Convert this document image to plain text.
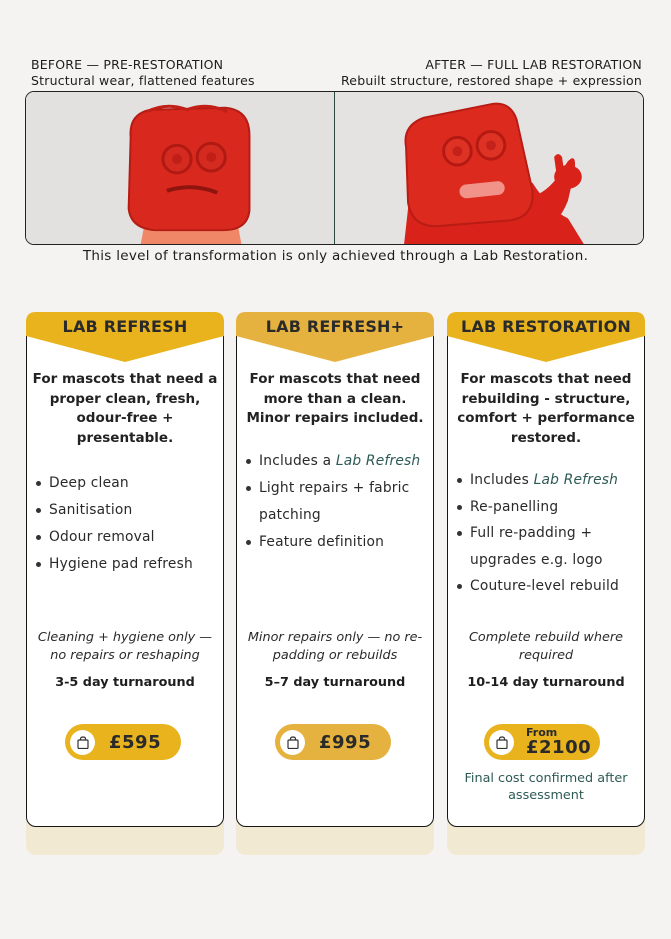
BEFORE — PRE-RESTORATION
Structural wear, flattened features
AFTER — FULL LAB RESTORATION
Rebuilt structure, restored shape + expression
This level of transformation is only achieved through a Lab Restoration.
LAB REFRESH
For mascots that need a proper clean, fresh, odour-free + presentable.
Deep clean
Sanitisation
Odour removal
Hygiene pad refresh
Cleaning + hygiene only — no repairs or reshaping
3-5 day turnaround
£595
LAB REFRESH+
For mascots that need more than a clean. Minor repairs included.
Includes a Lab Refresh
Light repairs + fabric patching
Feature definition
Minor repairs only — no re-padding or rebuilds
5–7 day turnaround
£995
LAB RESTORATION
For mascots that need rebuilding - structure, comfort + performance restored.
Includes Lab Refresh
Re-panelling
Full re-padding + upgrades e.g. logo
Couture-level rebuild
Complete rebuild where required
10-14 day turnaround
From
£2100
Final cost confirmed after assessment
